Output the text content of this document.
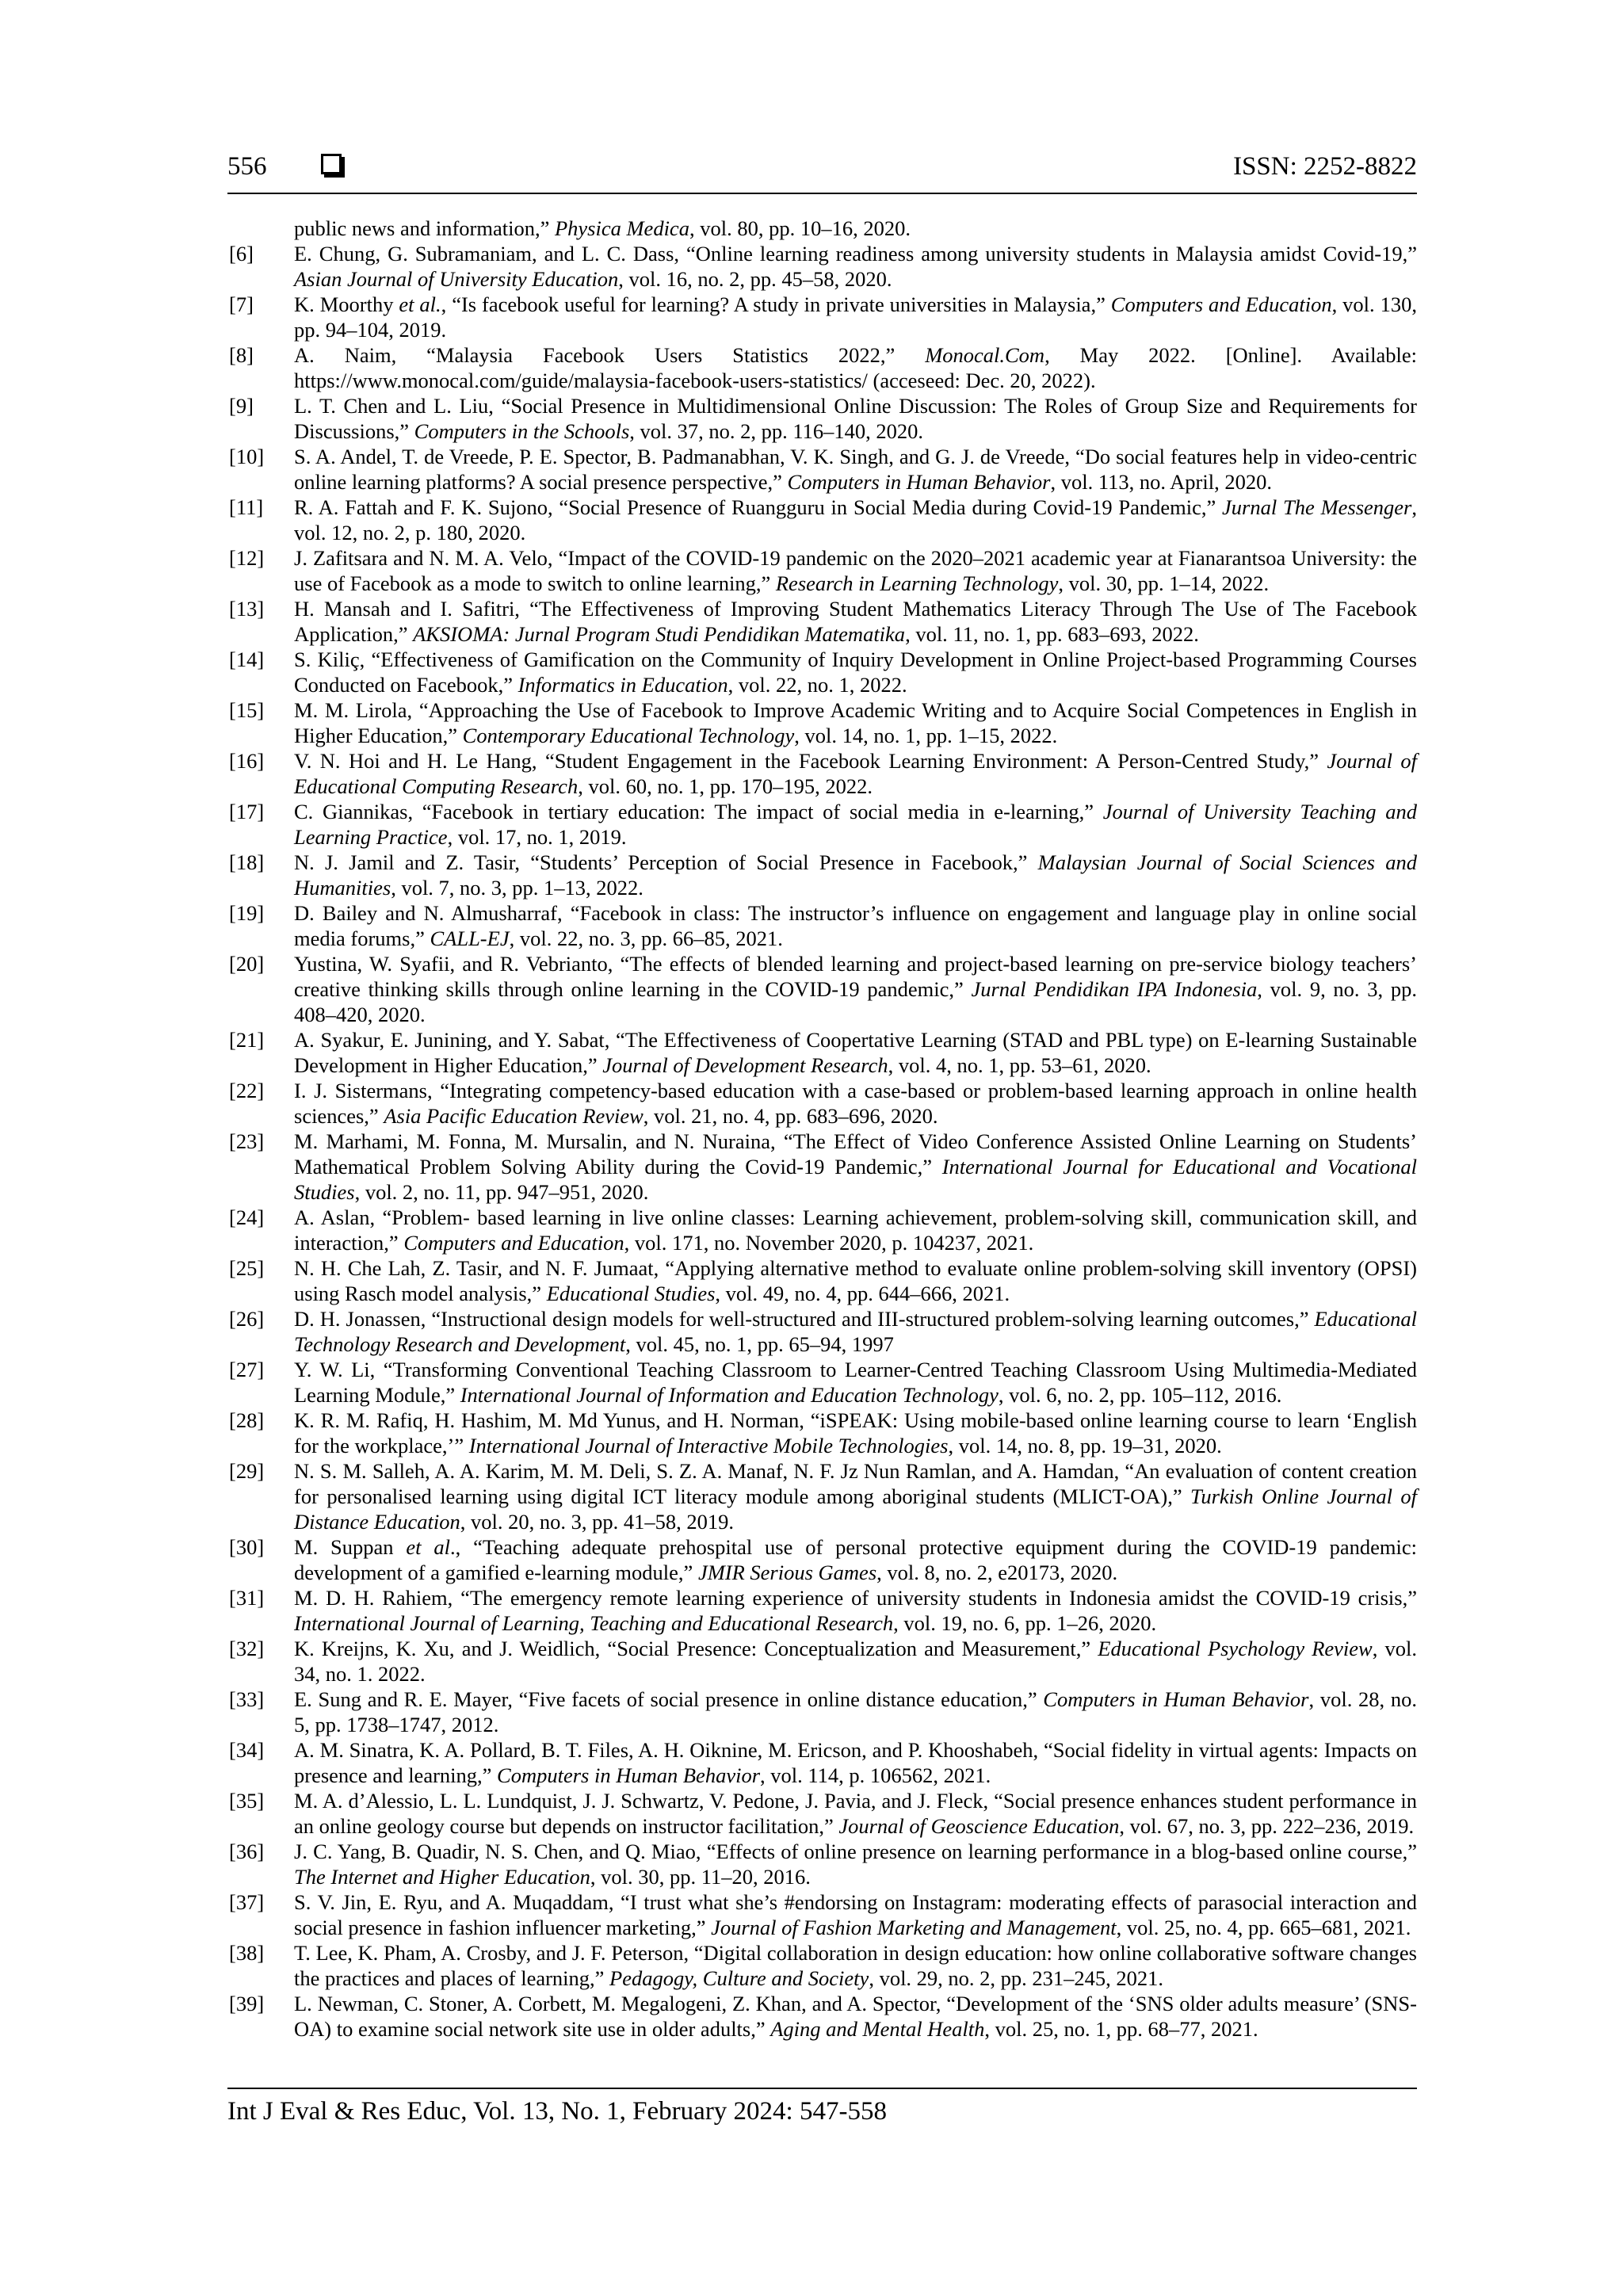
556	ISSN: 2252-8822
public news and information,” Physica Medica, vol. 80, pp. 10–16, 2020.
[6] E. Chung, G. Subramaniam, and L. C. Dass, “Online learning readiness among university students in Malaysia amidst Covid-19,” Asian Journal of University Education, vol. 16, no. 2, pp. 45–58, 2020.
[7] K. Moorthy et al., “Is facebook useful for learning? A study in private universities in Malaysia,” Computers and Education, vol. 130, pp. 94–104, 2019.
[8] A. Naim, “Malaysia Facebook Users Statistics 2022,” Monocal.Com, May 2022. [Online]. Available: https://www.monocal.com/guide/malaysia-facebook-users-statistics/ (acceseed: Dec. 20, 2022).
[9] L. T. Chen and L. Liu, “Social Presence in Multidimensional Online Discussion: The Roles of Group Size and Requirements for Discussions,” Computers in the Schools, vol. 37, no. 2, pp. 116–140, 2020.
[10] S. A. Andel, T. de Vreede, P. E. Spector, B. Padmanabhan, V. K. Singh, and G. J. de Vreede, “Do social features help in video-centric online learning platforms? A social presence perspective,” Computers in Human Behavior, vol. 113, no. April, 2020.
[11] R. A. Fattah and F. K. Sujono, “Social Presence of Ruangguru in Social Media during Covid-19 Pandemic,” Jurnal The Messenger, vol. 12, no. 2, p. 180, 2020.
[12] J. Zafitsara and N. M. A. Velo, “Impact of the COVID-19 pandemic on the 2020–2021 academic year at Fianarantsoa University: the use of Facebook as a mode to switch to online learning,” Research in Learning Technology, vol. 30, pp. 1–14, 2022.
[13] H. Mansah and I. Safitri, “The Effectiveness of Improving Student Mathematics Literacy Through The Use of The Facebook Application,” AKSIOMA: Jurnal Program Studi Pendidikan Matematika, vol. 11, no. 1, pp. 683–693, 2022.
[14] S. Kiliç, “Effectiveness of Gamification on the Community of Inquiry Development in Online Project-based Programming Courses Conducted on Facebook,” Informatics in Education, vol. 22, no. 1, 2022.
[15] M. M. Lirola, “Approaching the Use of Facebook to Improve Academic Writing and to Acquire Social Competences in English in Higher Education,” Contemporary Educational Technology, vol. 14, no. 1, pp. 1–15, 2022.
[16] V. N. Hoi and H. Le Hang, “Student Engagement in the Facebook Learning Environment: A Person-Centred Study,” Journal of Educational Computing Research, vol. 60, no. 1, pp. 170–195, 2022.
[17] C. Giannikas, “Facebook in tertiary education: The impact of social media in e-learning,” Journal of University Teaching and Learning Practice, vol. 17, no. 1, 2019.
[18] N. J. Jamil and Z. Tasir, “Students’ Perception of Social Presence in Facebook,” Malaysian Journal of Social Sciences and Humanities, vol. 7, no. 3, pp. 1–13, 2022.
[19] D. Bailey and N. Almusharraf, “Facebook in class: The instructor’s influence on engagement and language play in online social media forums,” CALL-EJ, vol. 22, no. 3, pp. 66–85, 2021.
[20] Yustina, W. Syafii, and R. Vebrianto, “The effects of blended learning and project-based learning on pre-service biology teachers’ creative thinking skills through online learning in the COVID-19 pandemic,” Jurnal Pendidikan IPA Indonesia, vol. 9, no. 3, pp. 408–420, 2020.
[21] A. Syakur, E. Junining, and Y. Sabat, “The Effectiveness of Coopertative Learning (STAD and PBL type) on E-learning Sustainable Development in Higher Education,” Journal of Development Research, vol. 4, no. 1, pp. 53–61, 2020.
[22] I. J. Sistermans, “Integrating competency-based education with a case-based or problem-based learning approach in online health sciences,” Asia Pacific Education Review, vol. 21, no. 4, pp. 683–696, 2020.
[23] M. Marhami, M. Fonna, M. Mursalin, and N. Nuraina, “The Effect of Video Conference Assisted Online Learning on Students’ Mathematical Problem Solving Ability during the Covid-19 Pandemic,” International Journal for Educational and Vocational Studies, vol. 2, no. 11, pp. 947–951, 2020.
[24] A. Aslan, “Problem- based learning in live online classes: Learning achievement, problem-solving skill, communication skill, and interaction,” Computers and Education, vol. 171, no. November 2020, p. 104237, 2021.
[25] N. H. Che Lah, Z. Tasir, and N. F. Jumaat, “Applying alternative method to evaluate online problem-solving skill inventory (OPSI) using Rasch model analysis,” Educational Studies, vol. 49, no. 4, pp. 644–666, 2021.
[26] D. H. Jonassen, “Instructional design models for well-structured and III-structured problem-solving learning outcomes,” Educational Technology Research and Development, vol. 45, no. 1, pp. 65–94, 1997
[27] Y. W. Li, “Transforming Conventional Teaching Classroom to Learner-Centred Teaching Classroom Using Multimedia-Mediated Learning Module,” International Journal of Information and Education Technology, vol. 6, no. 2, pp. 105–112, 2016.
[28] K. R. M. Rafiq, H. Hashim, M. Md Yunus, and H. Norman, “iSPEAK: Using mobile-based online learning course to learn ‘English for the workplace,’” International Journal of Interactive Mobile Technologies, vol. 14, no. 8, pp. 19–31, 2020.
[29] N. S. M. Salleh, A. A. Karim, M. M. Deli, S. Z. A. Manaf, N. F. Jz Nun Ramlan, and A. Hamdan, “An evaluation of content creation for personalised learning using digital ICT literacy module among aboriginal students (MLICT-OA),” Turkish Online Journal of Distance Education, vol. 20, no. 3, pp. 41–58, 2019.
[30] M. Suppan et al., “Teaching adequate prehospital use of personal protective equipment during the COVID-19 pandemic: development of a gamified e-learning module,” JMIR Serious Games, vol. 8, no. 2, e20173, 2020.
[31] M. D. H. Rahiem, “The emergency remote learning experience of university students in Indonesia amidst the COVID-19 crisis,” International Journal of Learning, Teaching and Educational Research, vol. 19, no. 6, pp. 1–26, 2020.
[32] K. Kreijns, K. Xu, and J. Weidlich, “Social Presence: Conceptualization and Measurement,” Educational Psychology Review, vol. 34, no. 1. 2022.
[33] E. Sung and R. E. Mayer, “Five facets of social presence in online distance education,” Computers in Human Behavior, vol. 28, no. 5, pp. 1738–1747, 2012.
[34] A. M. Sinatra, K. A. Pollard, B. T. Files, A. H. Oiknine, M. Ericson, and P. Khooshabeh, “Social fidelity in virtual agents: Impacts on presence and learning,” Computers in Human Behavior, vol. 114, p. 106562, 2021.
[35] M. A. d’Alessio, L. L. Lundquist, J. J. Schwartz, V. Pedone, J. Pavia, and J. Fleck, “Social presence enhances student performance in an online geology course but depends on instructor facilitation,” Journal of Geoscience Education, vol. 67, no. 3, pp. 222–236, 2019.
[36] J. C. Yang, B. Quadir, N. S. Chen, and Q. Miao, “Effects of online presence on learning performance in a blog-based online course,” The Internet and Higher Education, vol. 30, pp. 11–20, 2016.
[37] S. V. Jin, E. Ryu, and A. Muqaddam, “I trust what she’s #endorsing on Instagram: moderating effects of parasocial interaction and social presence in fashion influencer marketing,” Journal of Fashion Marketing and Management, vol. 25, no. 4, pp. 665–681, 2021.
[38] T. Lee, K. Pham, A. Crosby, and J. F. Peterson, “Digital collaboration in design education: how online collaborative software changes the practices and places of learning,” Pedagogy, Culture and Society, vol. 29, no. 2, pp. 231–245, 2021.
[39] L. Newman, C. Stoner, A. Corbett, M. Megalogeni, Z. Khan, and A. Spector, “Development of the ‘SNS older adults measure’ (SNS-OA) to examine social network site use in older adults,” Aging and Mental Health, vol. 25, no. 1, pp. 68–77, 2021.
Int J Eval & Res Educ, Vol. 13, No. 1, February 2024: 547-558
